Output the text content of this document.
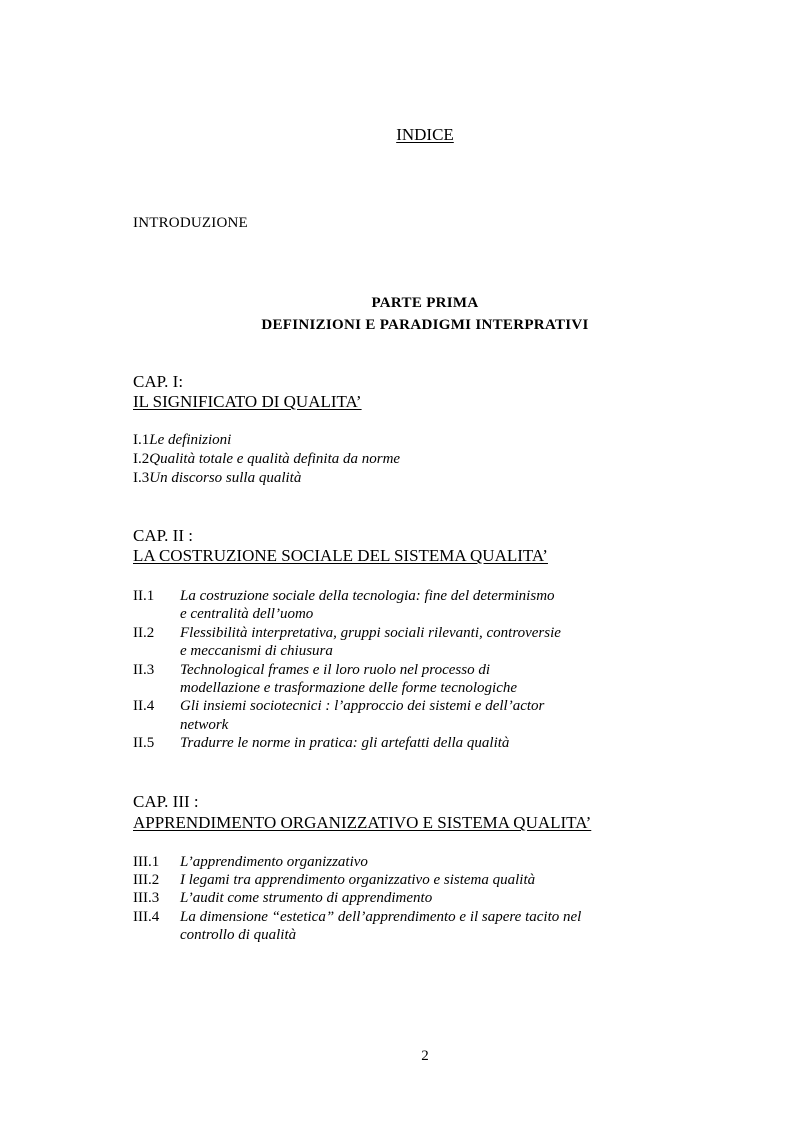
INDICE
INTRODUZIONE
PARTE PRIMA
DEFINIZIONI E PARADIGMI INTERPRATIVI
CAP. I:
IL SIGNIFICATO DI QUALITA’
I.1Le definizioni
I.2Qualità totale e qualità definita da norme
I.3Un discorso sulla qualità
CAP. II :
LA COSTRUZIONE SOCIALE DEL SISTEMA QUALITA’
II.1 La costruzione sociale della tecnologia: fine del determinismo
e centralità dell’uomo
II.2 Flessibilità interpretativa, gruppi sociali rilevanti, controversie
e meccanismi di chiusura
II.3 Technological frames e il loro ruolo nel processo di
modellazione e trasformazione delle forme tecnologiche
II.4 Gli insiemi sociotecnici : l’approccio dei sistemi e dell’actor
network
II.5 Tradurre le norme in pratica: gli artefatti della qualità
CAP. III :
APPRENDIMENTO ORGANIZZATIVO E SISTEMA QUALITA’
III.1 L’apprendimento organizzativo
III.2 I legami tra apprendimento organizzativo e sistema qualità
III.3 L’audit come strumento di apprendimento
III.4 La dimensione “estetica” dell’apprendimento e il sapere tacito nel
controllo di qualità
2
